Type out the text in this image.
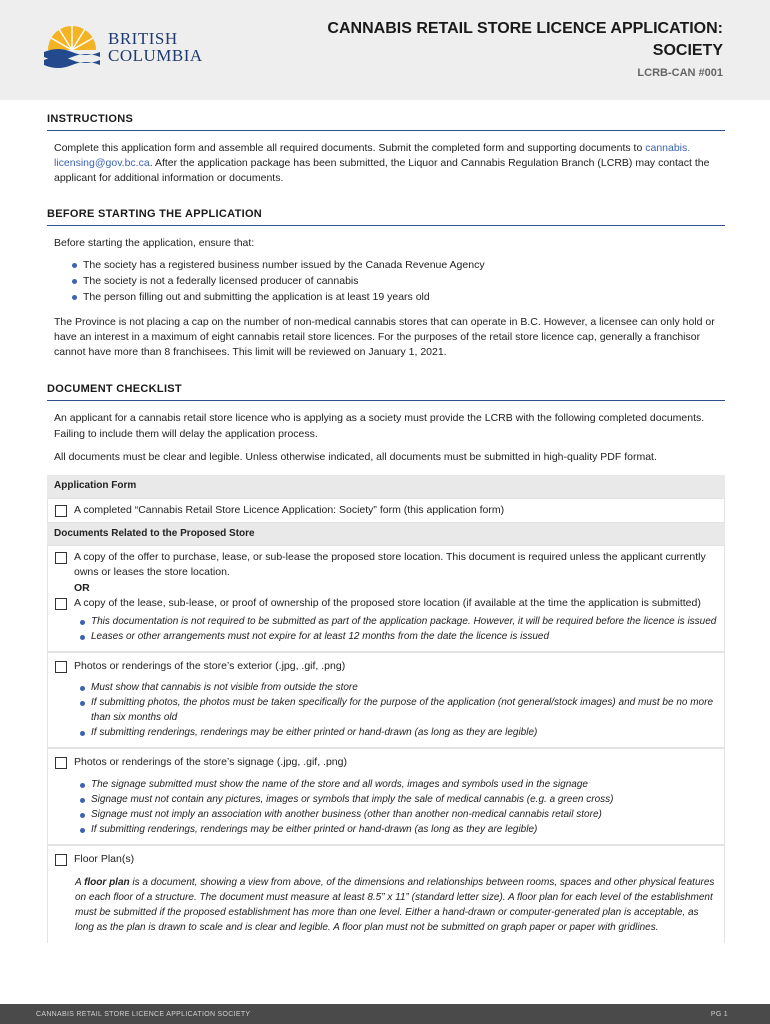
BRITISH
COLUMBIA
CANNABIS RETAIL STORE LICENCE APPLICATION:
SOCIETY
LCRB-CAN #001
INSTRUCTIONS

Complete this application form and assemble all required documents. Submit the completed form and supporting documents to cannabis. licensing@gov.bc.ca. After the application package has been submitted, the Liquor and Cannabis Regulation Branch (LCRB) may contact the applicant for additional information or documents.

BEFORE STARTING THE APPLICATION

Before starting the application, ensure that:

The society has a registered business number issued by the Canada Revenue Agency
The society is not a federally licensed producer of cannabis
The person filling out and submitting the application is at least 19 years old

The Province is not placing a cap on the number of non-medical cannabis stores that can operate in B.C. However, a licensee can only hold or have an interest in a maximum of eight cannabis retail store licences. For the purposes of the retail store licence cap, generally a franchisor cannot have more than 8 franchisees. This limit will be reviewed on January 1, 2021.

DOCUMENT CHECKLIST

An applicant for a cannabis retail store licence who is applying as a society must provide the LCRB with the following completed documents. Failing to include them will delay the application process.

All documents must be clear and legible. Unless otherwise indicated, all documents must be submitted in high-quality PDF format.

Application Form
A completed “Cannabis Retail Store Licence Application: Society” form (this application form)
Documents Related to the Proposed Store
A copy of the offer to purchase, lease, or sub-lease the proposed store location. This document is required unless the applicant currently owns or leases the store location.
OR
A copy of the lease, sub-lease, or proof of ownership of the proposed store location (if available at the time the application is submitted)
This documentation is not required to be submitted as part of the application package. However, it will be required before the licence is issued
Leases or other arrangements must not expire for at least 12 months from the date the licence is issued
Photos or renderings of the store’s exterior (.jpg, .gif, .png)
Must show that cannabis is not visible from outside the store
If submitting photos, the photos must be taken specifically for the purpose of the application (not general/stock images) and must be no more than six months old
If submitting renderings, renderings may be either printed or hand-drawn (as long as they are legible)
Photos or renderings of the store’s signage (.jpg, .gif, .png)
The signage submitted must show the name of the store and all words, images and symbols used in the signage
Signage must not contain any pictures, images or symbols that imply the sale of medical cannabis (e.g. a green cross)
Signage must not imply an association with another business (other than another non-medical cannabis retail store)
If submitting renderings, renderings may be either printed or hand-drawn (as long as they are legible)
Floor Plan(s)

A floor plan is a document, showing a view from above, of the dimensions and relationships between rooms, spaces and other physical features on each floor of a structure. The document must measure at least 8.5” x 11” (standard letter size). A floor plan for each level of the establishment must be submitted if the proposed establishment has more than one level. Either a hand-drawn or computer-generated plan is acceptable, as long as the plan is drawn to scale and is clear and legible. A floor plan must not be submitted on graph paper or paper with gridlines.

CANNABIS RETAIL STORE LICENCE APPLICATION SOCIETY	PG 1
